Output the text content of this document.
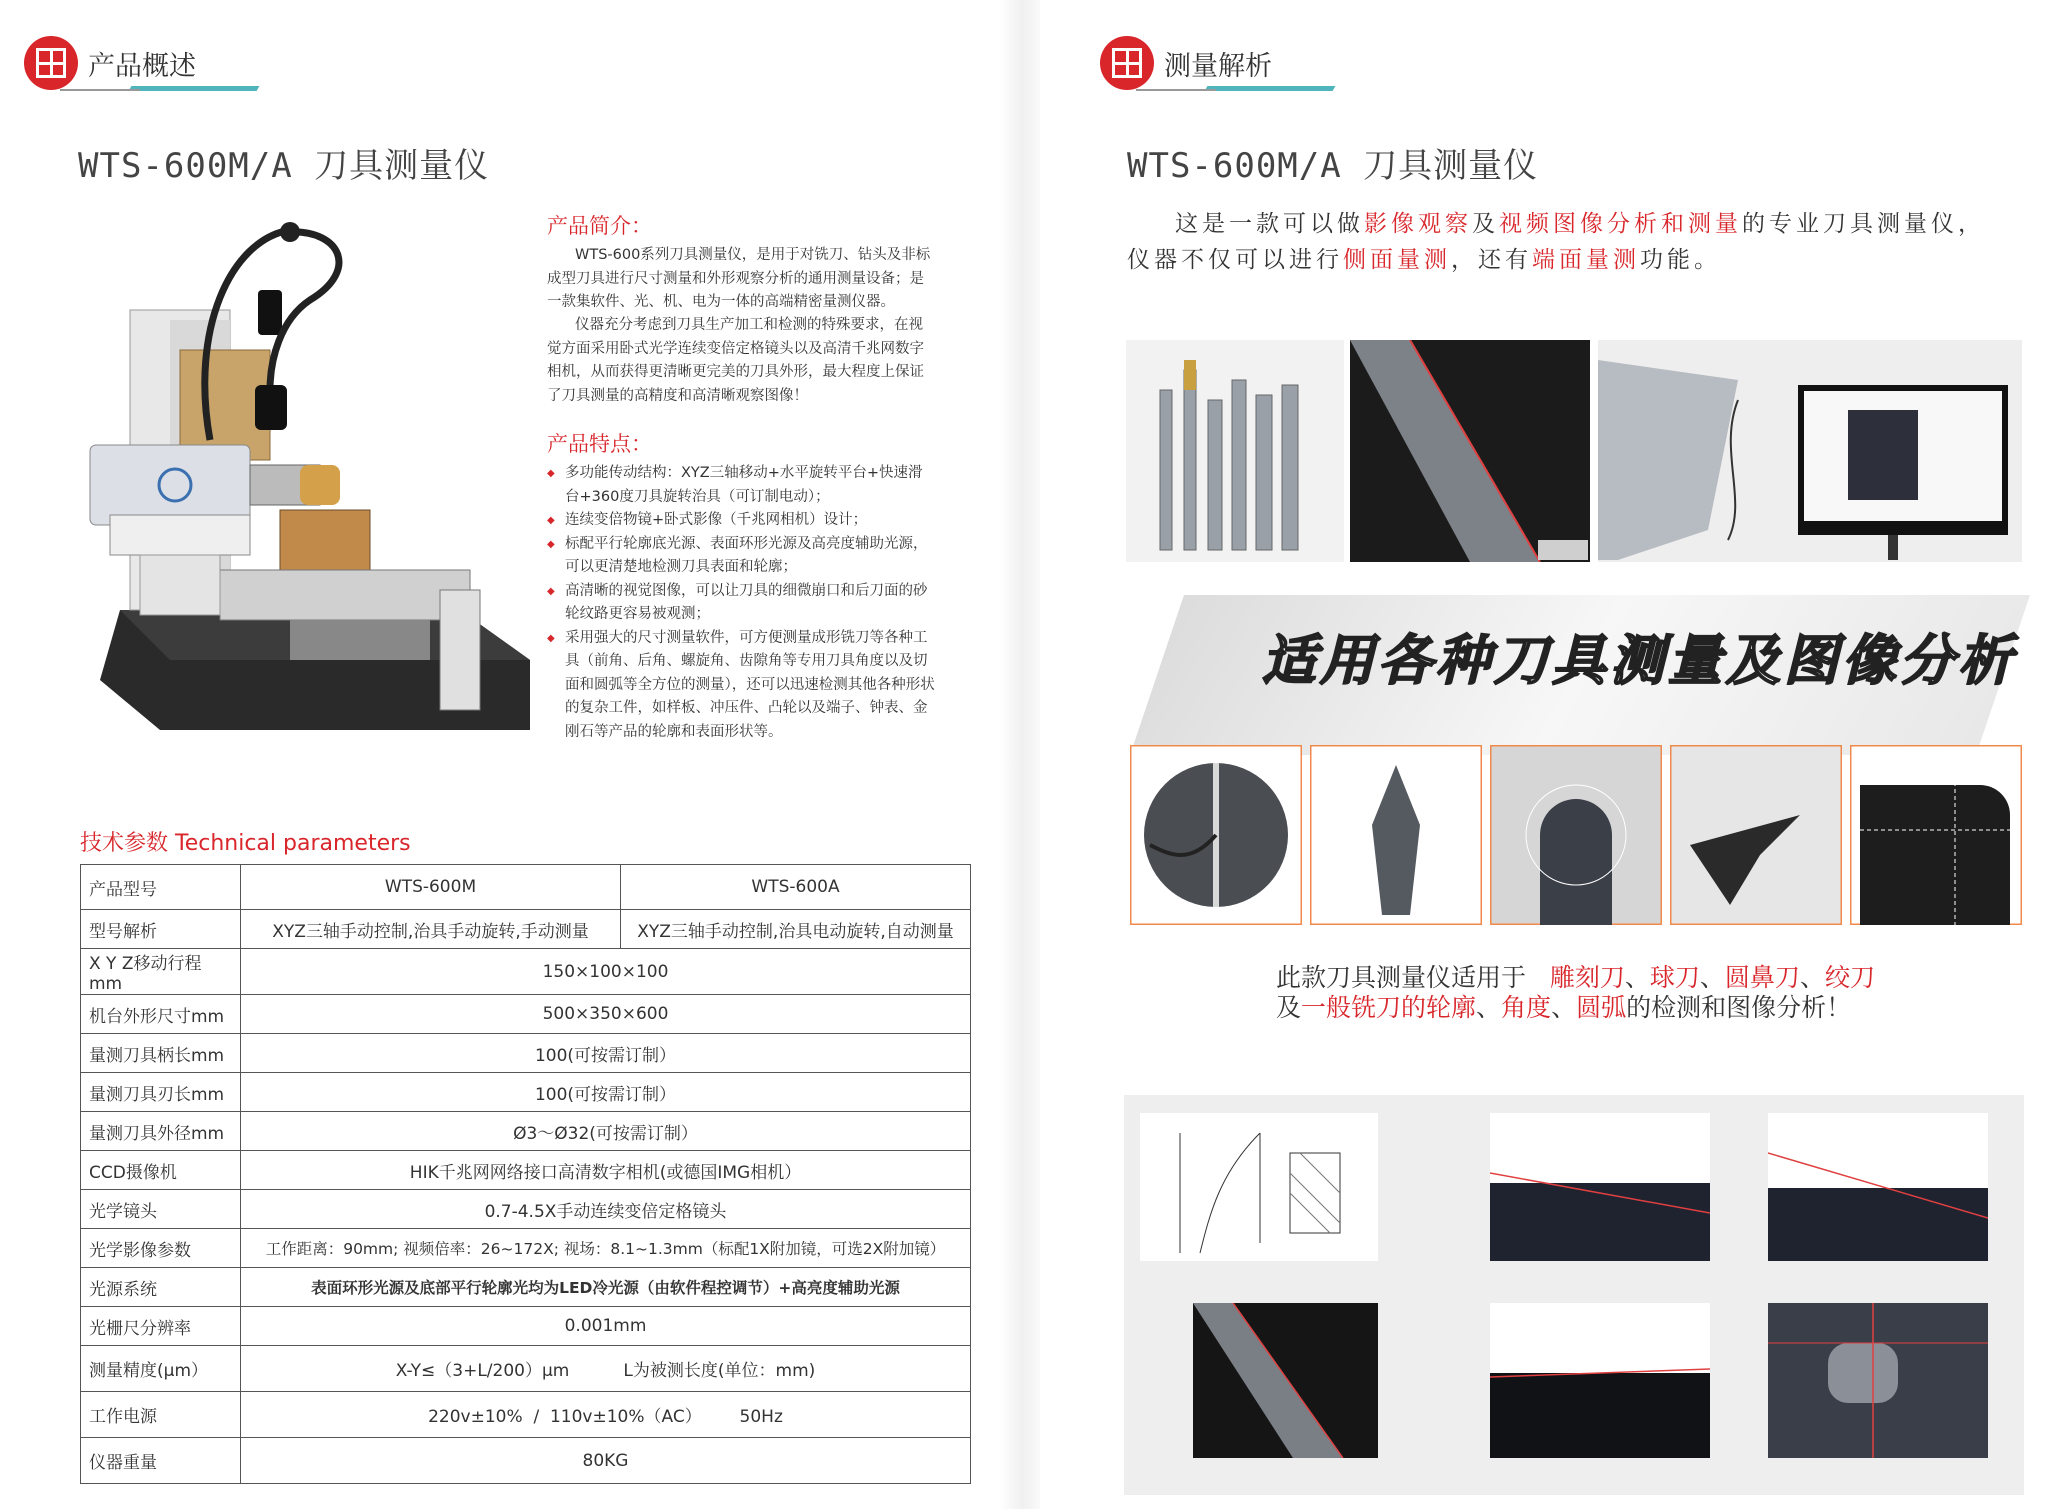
产品概述
WTS-600M/A 刀具测量仪
产品简介：
WTS-600系列刀具测量仪，是用于对铣刀、钻头及非标成型刀具进行尺寸测量和外形观察分析的通用测量设备；是一款集软件、光、机、电为一体的高端精密量测仪器。
仪器充分考虑到刀具生产加工和检测的特殊要求，在视觉方面采用卧式光学连续变倍定格镜头以及高清千兆网数字相机，从而获得更清晰更完美的刀具外形，最大程度上保证了刀具测量的高精度和高清晰观察图像！
产品特点：
◆ 多功能传动结构：XYZ三轴移动+水平旋转平台+快速滑台+360度刀具旋转治具（可订制电动）；
◆ 连续变倍物镜+卧式影像（千兆网相机）设计；
◆ 标配平行轮廓底光源、表面环形光源及高亮度辅助光源，可以更清楚地检测刀具表面和轮廓；
◆ 高清晰的视觉图像，可以让刀具的细微崩口和后刀面的砂轮纹路更容易被观测；
◆ 采用强大的尺寸测量软件，可方便测量成形铣刀等各种工具（前角、后角、螺旋角、齿隙角等专用刀具角度以及切面和圆弧等全方位的测量），还可以迅速检测其他各种形状的复杂工件，如样板、冲压件、凸轮以及端子、钟表、金刚石等产品的轮廓和表面形状等。
技术参数 Technical parameters
产品型号	WTS-600M	WTS-600A
型号解析	XYZ三轴手动控制,治具手动旋转,手动测量	XYZ三轴手动控制,治具电动旋转,自动测量
X Y Z移动行程mm	150×100×100	
机台外形尺寸mm	500×350×600	
量测刀具柄长mm	100(可按需订制）	
量测刀具刃长mm	100(可按需订制）	
量测刀具外径mm	Ø3～Ø32(可按需订制）	
CCD摄像机	HIK千兆网网络接口高清数字相机(或德国IMG相机）	
光学镜头	0.7-4.5X手动连续变倍定格镜头	
光学影像参数	工作距离：90mm; 视频倍率：26~172X; 视场：8.1~1.3mm（标配1X附加镜，可选2X附加镜）	
光源系统	表面环形光源及底部平行轮廓光均为LED冷光源（由软件程控调节）+高亮度辅助光源	
光栅尺分辨率	0.001mm	
测量精度(μm）	X-Y≤（3+L/200）μm          L为被测长度(单位：mm)	
工作电源	220v±10%  /  110v±10%（AC）       50Hz	
仪器重量	80KG	
测量解析
WTS-600M/A 刀具测量仪
这是一款可以做影像观察及视频图像分析和测量的专业刀具测量仪，
仪器不仅可以进行侧面量测，还有端面量测功能。
适用各种刀具测量及图像分析
此款刀具测量仪适用于 雕刻刀、球刀、圆鼻刀、绞刀
及一般铣刀的轮廓、角度、圆弧的检测和图像分析！
